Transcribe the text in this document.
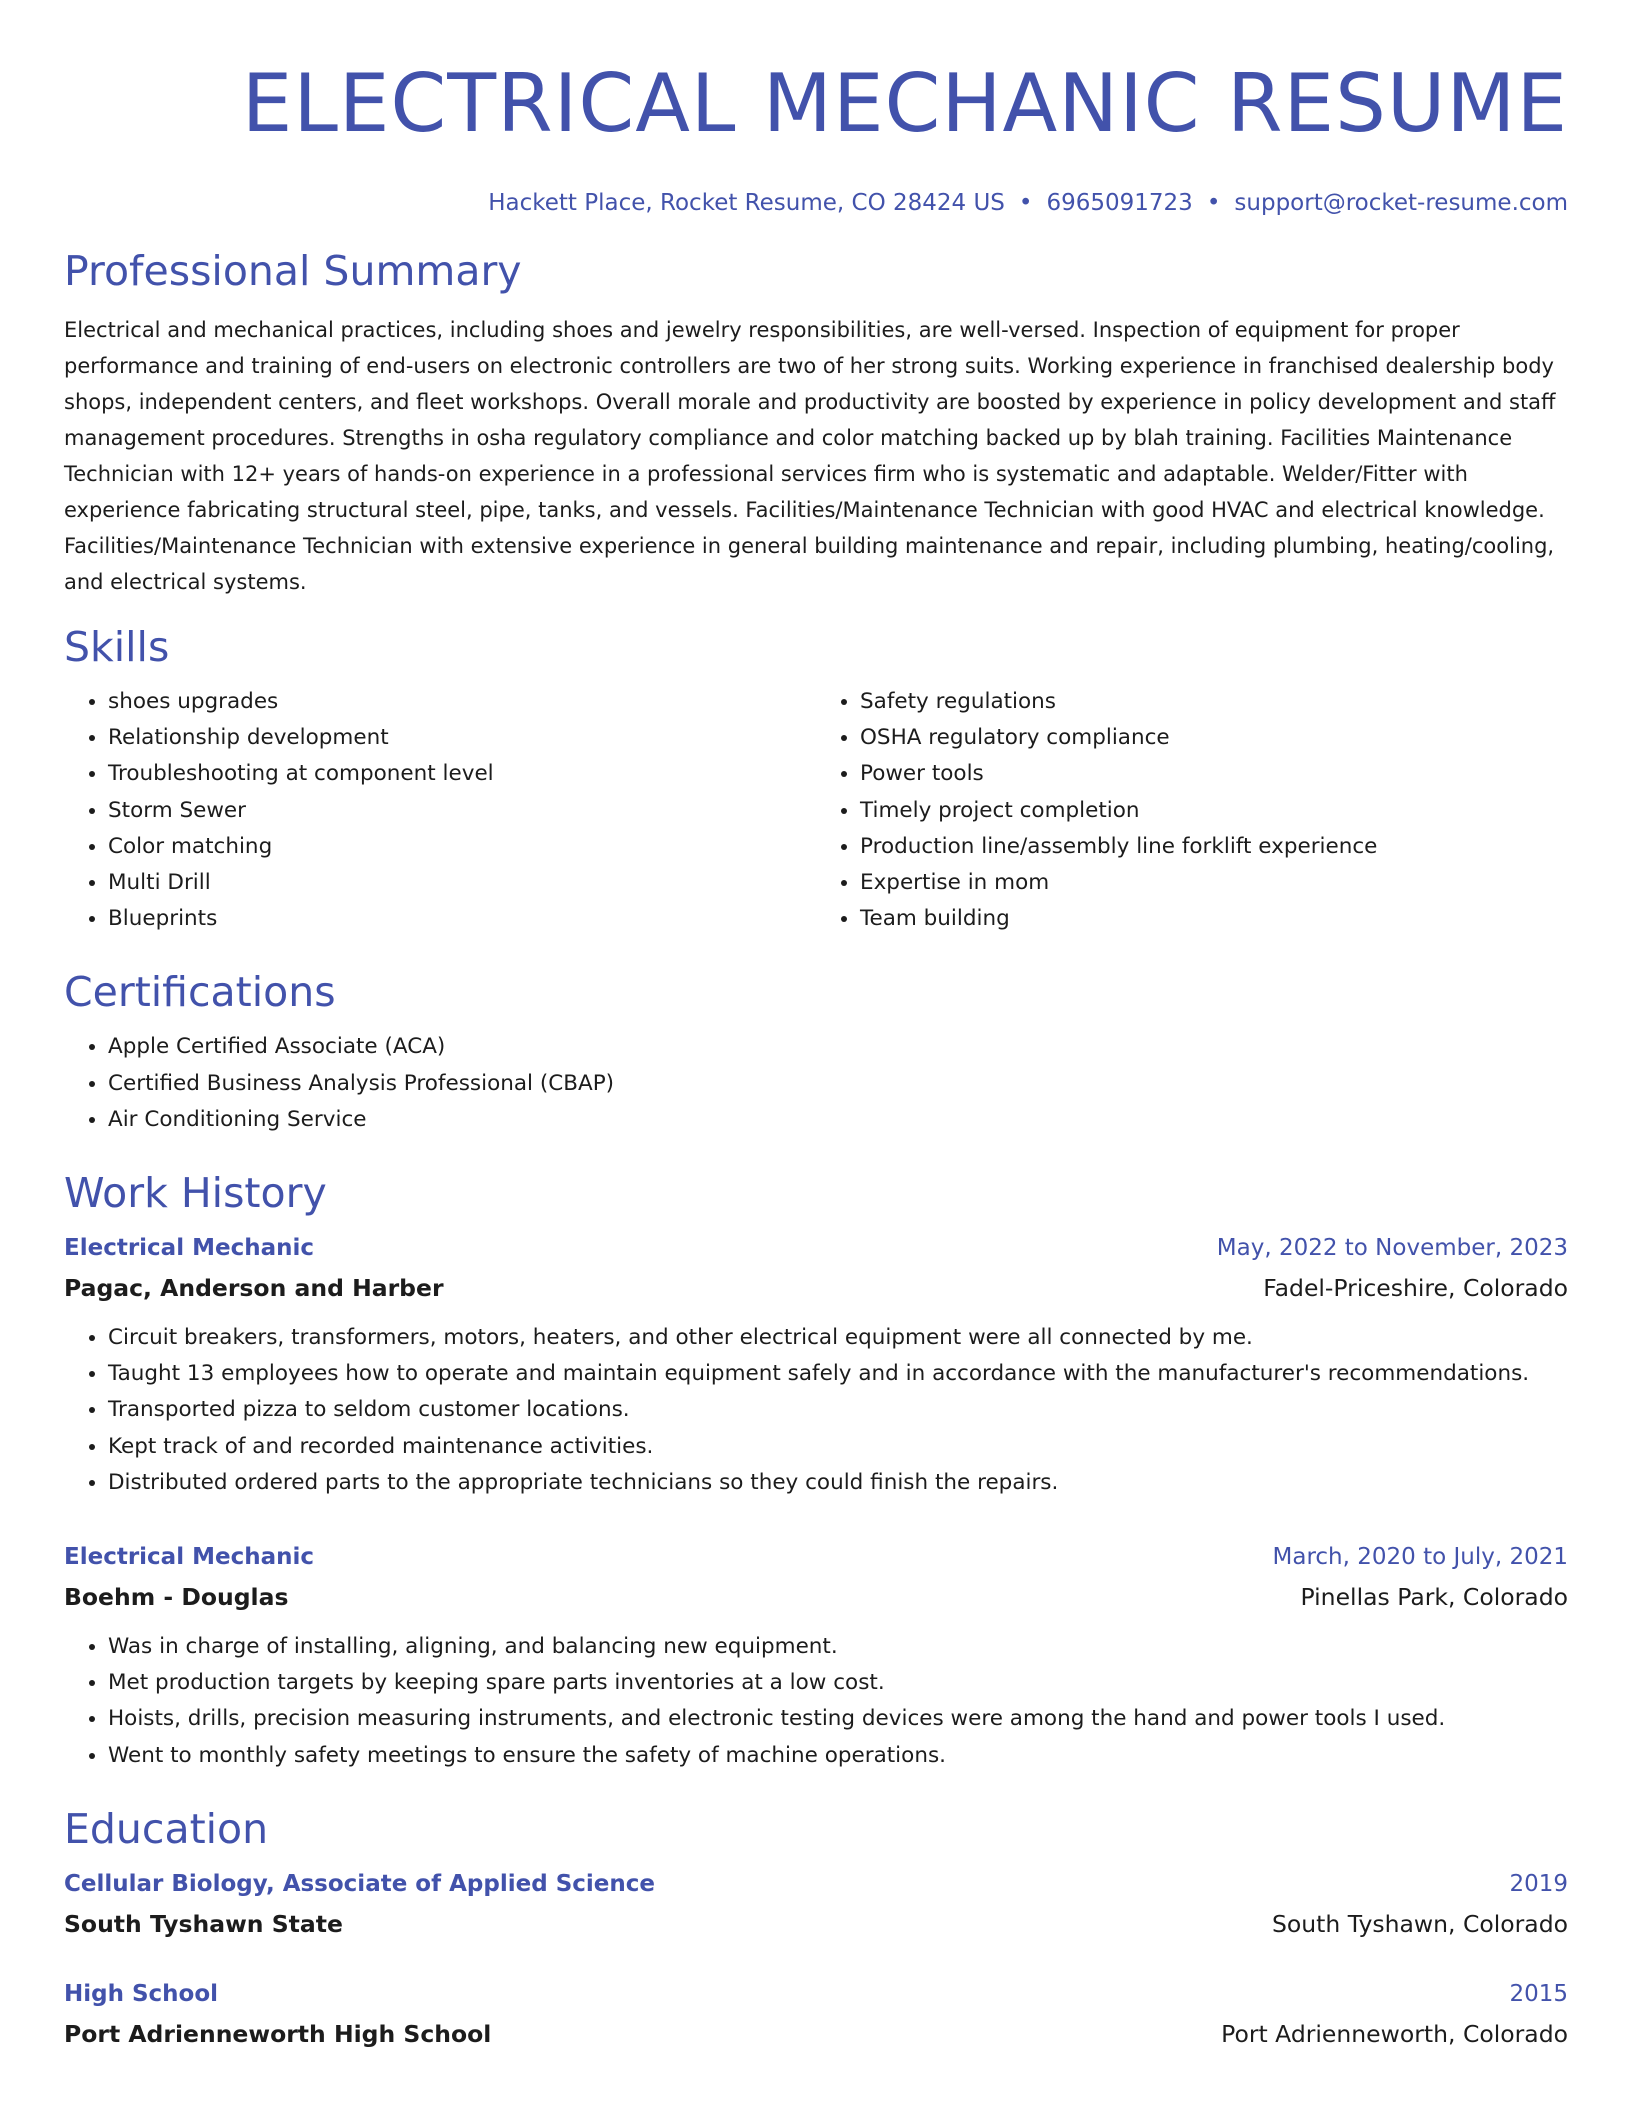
ELECTRICAL MECHANIC RESUME
Hackett Place, Rocket Resume, CO 28424 US • 6965091723 • support@rocket-resume.com
Professional Summary

Electrical and mechanical practices, including shoes and jewelry responsibilities, are well-versed. Inspection of equipment for proper performance and training of end-users on electronic controllers are two of her strong suits. Working experience in franchised dealership body shops, independent centers, and fleet workshops. Overall morale and productivity are boosted by experience in policy development and staff management procedures. Strengths in osha regulatory compliance and color matching backed up by blah training. Facilities Maintenance Technician with 12+ years of hands-on experience in a professional services firm who is systematic and adaptable. Welder/Fitter with experience fabricating structural steel, pipe, tanks, and vessels. Facilities/Maintenance Technician with good HVAC and electrical knowledge. Facilities/Maintenance Technician with extensive experience in general building maintenance and repair, including plumbing, heating/cooling, and electrical systems.

Skills
• shoes upgrades
• Relationship development
• Troubleshooting at component level
• Storm Sewer
• Color matching
• Multi Drill
• Blueprints
• Safety regulations
• OSHA regulatory compliance
• Power tools
• Timely project completion
• Production line/assembly line forklift experience
• Expertise in mom
• Team building
Certifications
• Apple Certified Associate (ACA)
• Certified Business Analysis Professional (CBAP)
• Air Conditioning Service
Work History
Electrical Mechanic	May, 2022 to November, 2023
Pagac, Anderson and Harber	Fadel-Priceshire, Colorado
• Circuit breakers, transformers, motors, heaters, and other electrical equipment were all connected by me.
• Taught 13 employees how to operate and maintain equipment safely and in accordance with the manufacturer's recommendations.
• Transported pizza to seldom customer locations.
• Kept track of and recorded maintenance activities.
• Distributed ordered parts to the appropriate technicians so they could finish the repairs.
Electrical Mechanic	March, 2020 to July, 2021
Boehm - Douglas	Pinellas Park, Colorado
• Was in charge of installing, aligning, and balancing new equipment.
• Met production targets by keeping spare parts inventories at a low cost.
• Hoists, drills, precision measuring instruments, and electronic testing devices were among the hand and power tools I used.
• Went to monthly safety meetings to ensure the safety of machine operations.
Education
Cellular Biology, Associate of Applied Science	2019
South Tyshawn State	South Tyshawn, Colorado
High School	2015
Port Adrienneworth High School	Port Adrienneworth, Colorado
